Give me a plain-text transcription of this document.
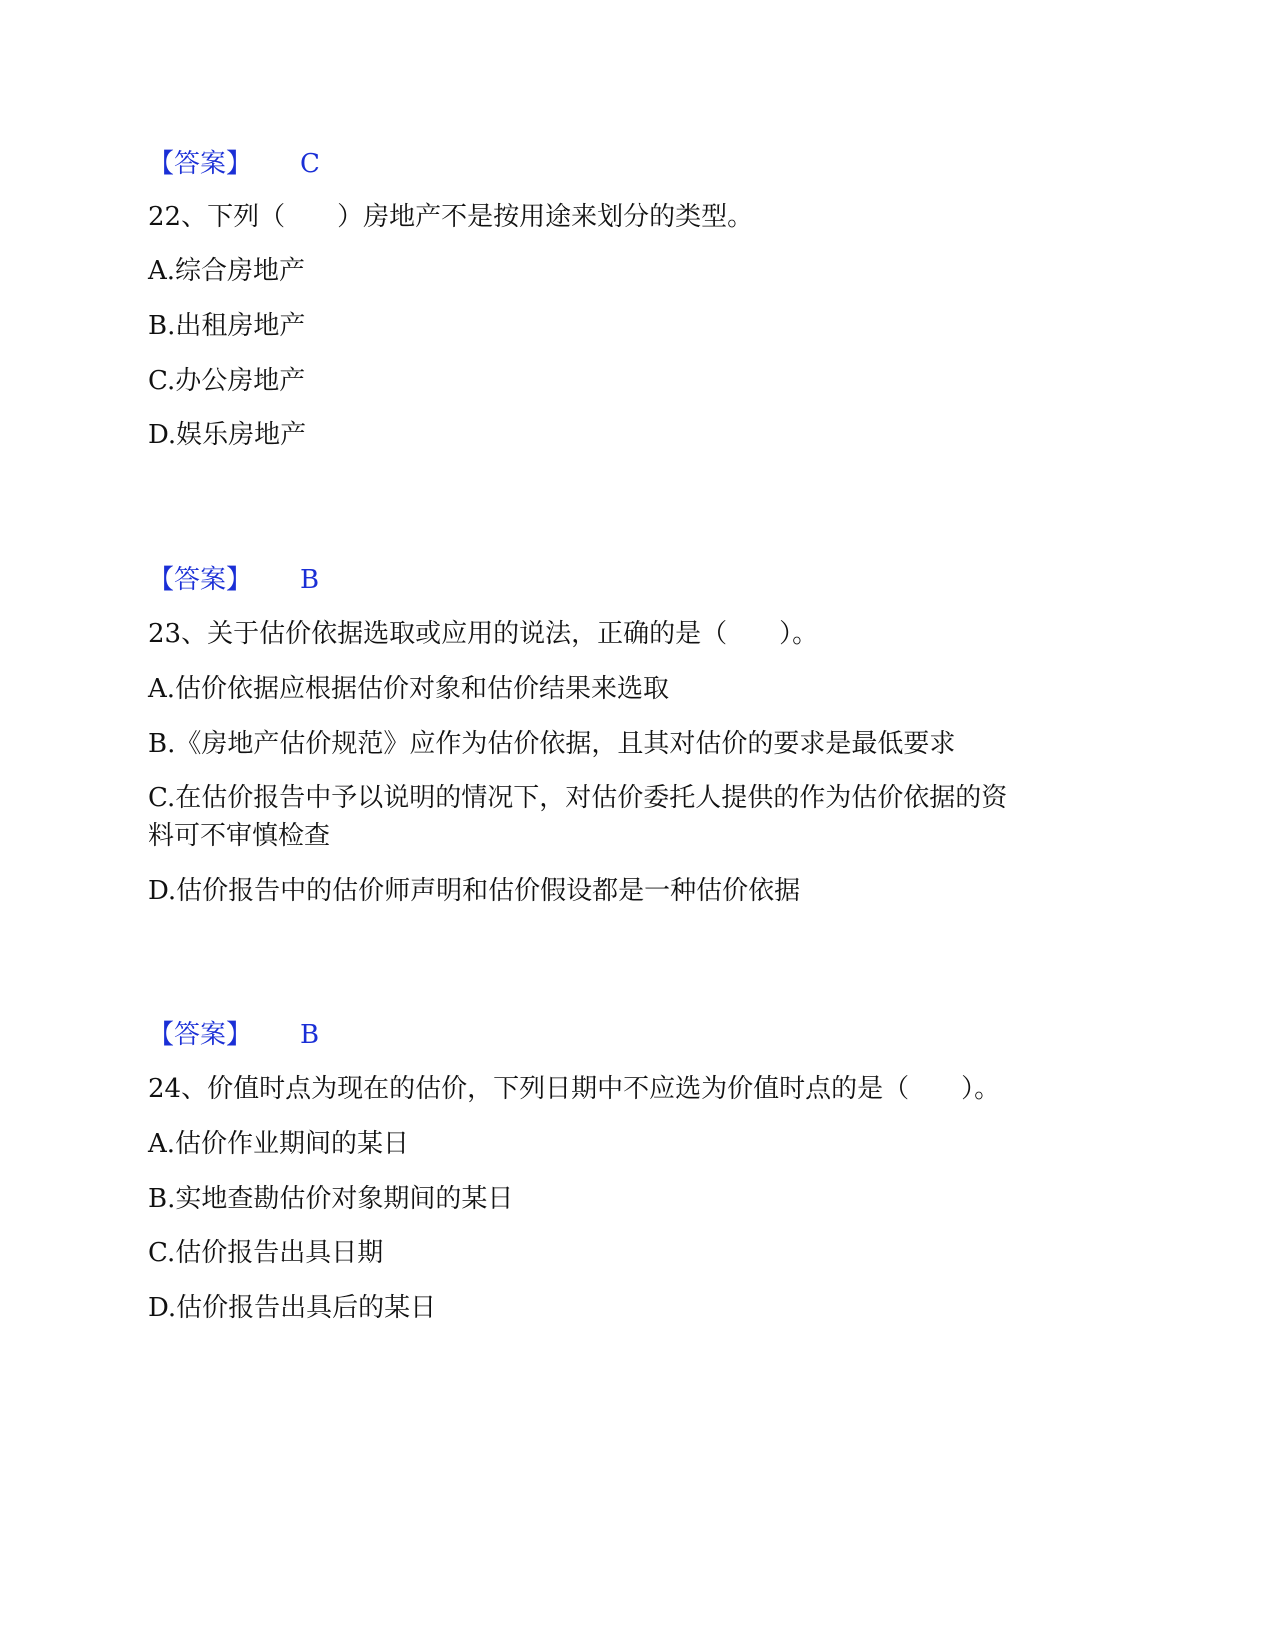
【答案】 C
22、下列（　　）房地产不是按用途来划分的类型。
A.综合房地产
B.出租房地产
C.办公房地产
D.娱乐房地产
【答案】 B
23、关于估价依据选取或应用的说法，正确的是（　　）。
A.估价依据应根据估价对象和估价结果来选取
B.《房地产估价规范》应作为估价依据，且其对估价的要求是最低要求
C.在估价报告中予以说明的情况下，对估价委托人提供的作为估价依据的资
料可不审慎检查
D.估价报告中的估价师声明和估价假设都是一种估价依据
【答案】 B
24、价值时点为现在的估价，下列日期中不应选为价值时点的是（　　）。
A.估价作业期间的某日
B.实地查勘估价对象期间的某日
C.估价报告出具日期
D.估价报告出具后的某日
